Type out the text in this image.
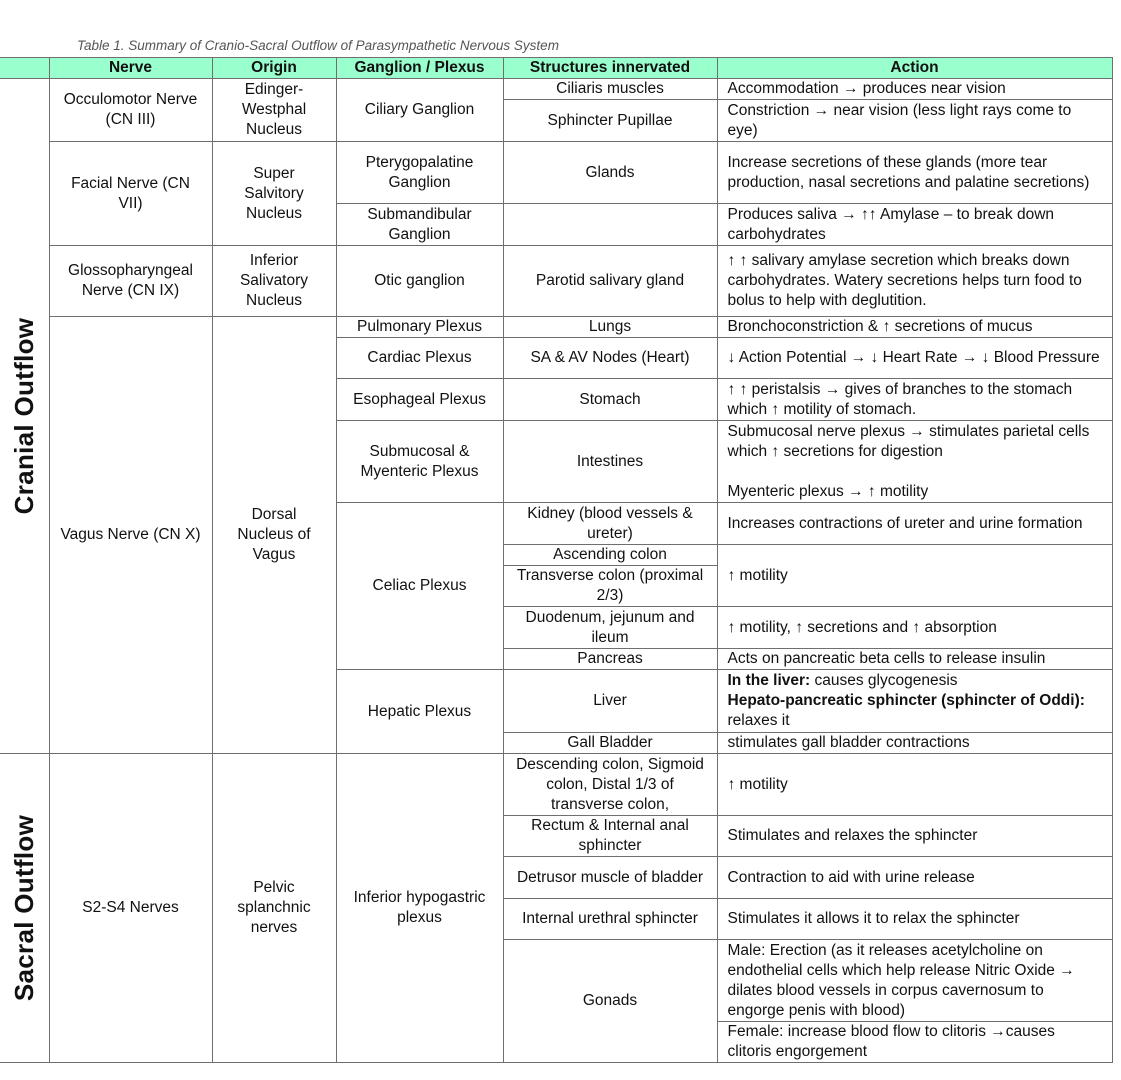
Table 1. Summary of Cranio-Sacral Outflow of Parasympathetic Nervous System
	Nerve	Origin	Ganglion / Plexus	Structures innervated	Action

Cranial Outflow	Occulomotor Nerve (CN III)	Edinger-Westphal Nucleus	Ciliary Ganglion	Ciliaris muscles	Accommodation → produces near vision
				Sphincter Pupillae	Constriction → near vision (less light rays come to eye)
	Facial Nerve (CN VII)	Super Salvitory Nucleus	Pterygopalatine Ganglion	Glands	Increase secretions of these glands (more tear production, nasal secretions and palatine secretions)
			Submandibular Ganglion		Produces saliva → ↑↑ Amylase – to break down carbohydrates
	Glossopharyngeal Nerve (CN IX)	Inferior Salivatory Nucleus	Otic ganglion	Parotid salivary gland	↑ ↑ salivary amylase secretion which breaks down carbohydrates. Watery secretions helps turn food to bolus to help with deglutition.
	Vagus Nerve (CN X)	Dorsal Nucleus of Vagus	Pulmonary Plexus	Lungs	Bronchoconstriction & ↑ secretions of mucus
			Cardiac Plexus	SA & AV Nodes (Heart)	↓ Action Potential → ↓ Heart Rate → ↓ Blood Pressure
			Esophageal Plexus	Stomach	↑ ↑ peristalsis → gives of branches to the stomach which ↑ motility of stomach.
			Submucosal & Myenteric Plexus	Intestines	Submucosal nerve plexus → stimulates parietal cells which ↑ secretions for digestion
Myenteric plexus → ↑ motility

			Celiac Plexus	Kidney (blood vessels & ureter)	Increases contractions of ureter and urine formation
				Ascending colon	↑ motility
				Transverse colon (proximal 2/3)	
				Duodenum, jejunum and ileum	↑ motility, ↑ secretions and ↑ absorption
				Pancreas	Acts on pancreatic beta cells to release insulin
			Hepatic Plexus	Liver	In the liver: causes glycogenesis
Hepato-pancreatic sphincter (sphincter of Oddi): relaxes it
				Gall Bladder	stimulates gall bladder contractions

Sacral Outflow	S2-S4 Nerves	Pelvic splanchnic nerves	Inferior hypogastric plexus	Descending colon, Sigmoid colon, Distal 1/3 of transverse colon,	↑ motility
				Rectum & Internal anal sphincter	Stimulates and relaxes the sphincter
				Detrusor muscle of bladder	Contraction to aid with urine release
				Internal urethral sphincter	Stimulates it allows it to relax the sphincter
				Gonads	Male: Erection (as it releases acetylcholine on endothelial cells which help release Nitric Oxide → dilates blood vessels in corpus cavernosum to engorge penis with blood)
					Female: increase blood flow to clitoris →causes clitoris engorgement
